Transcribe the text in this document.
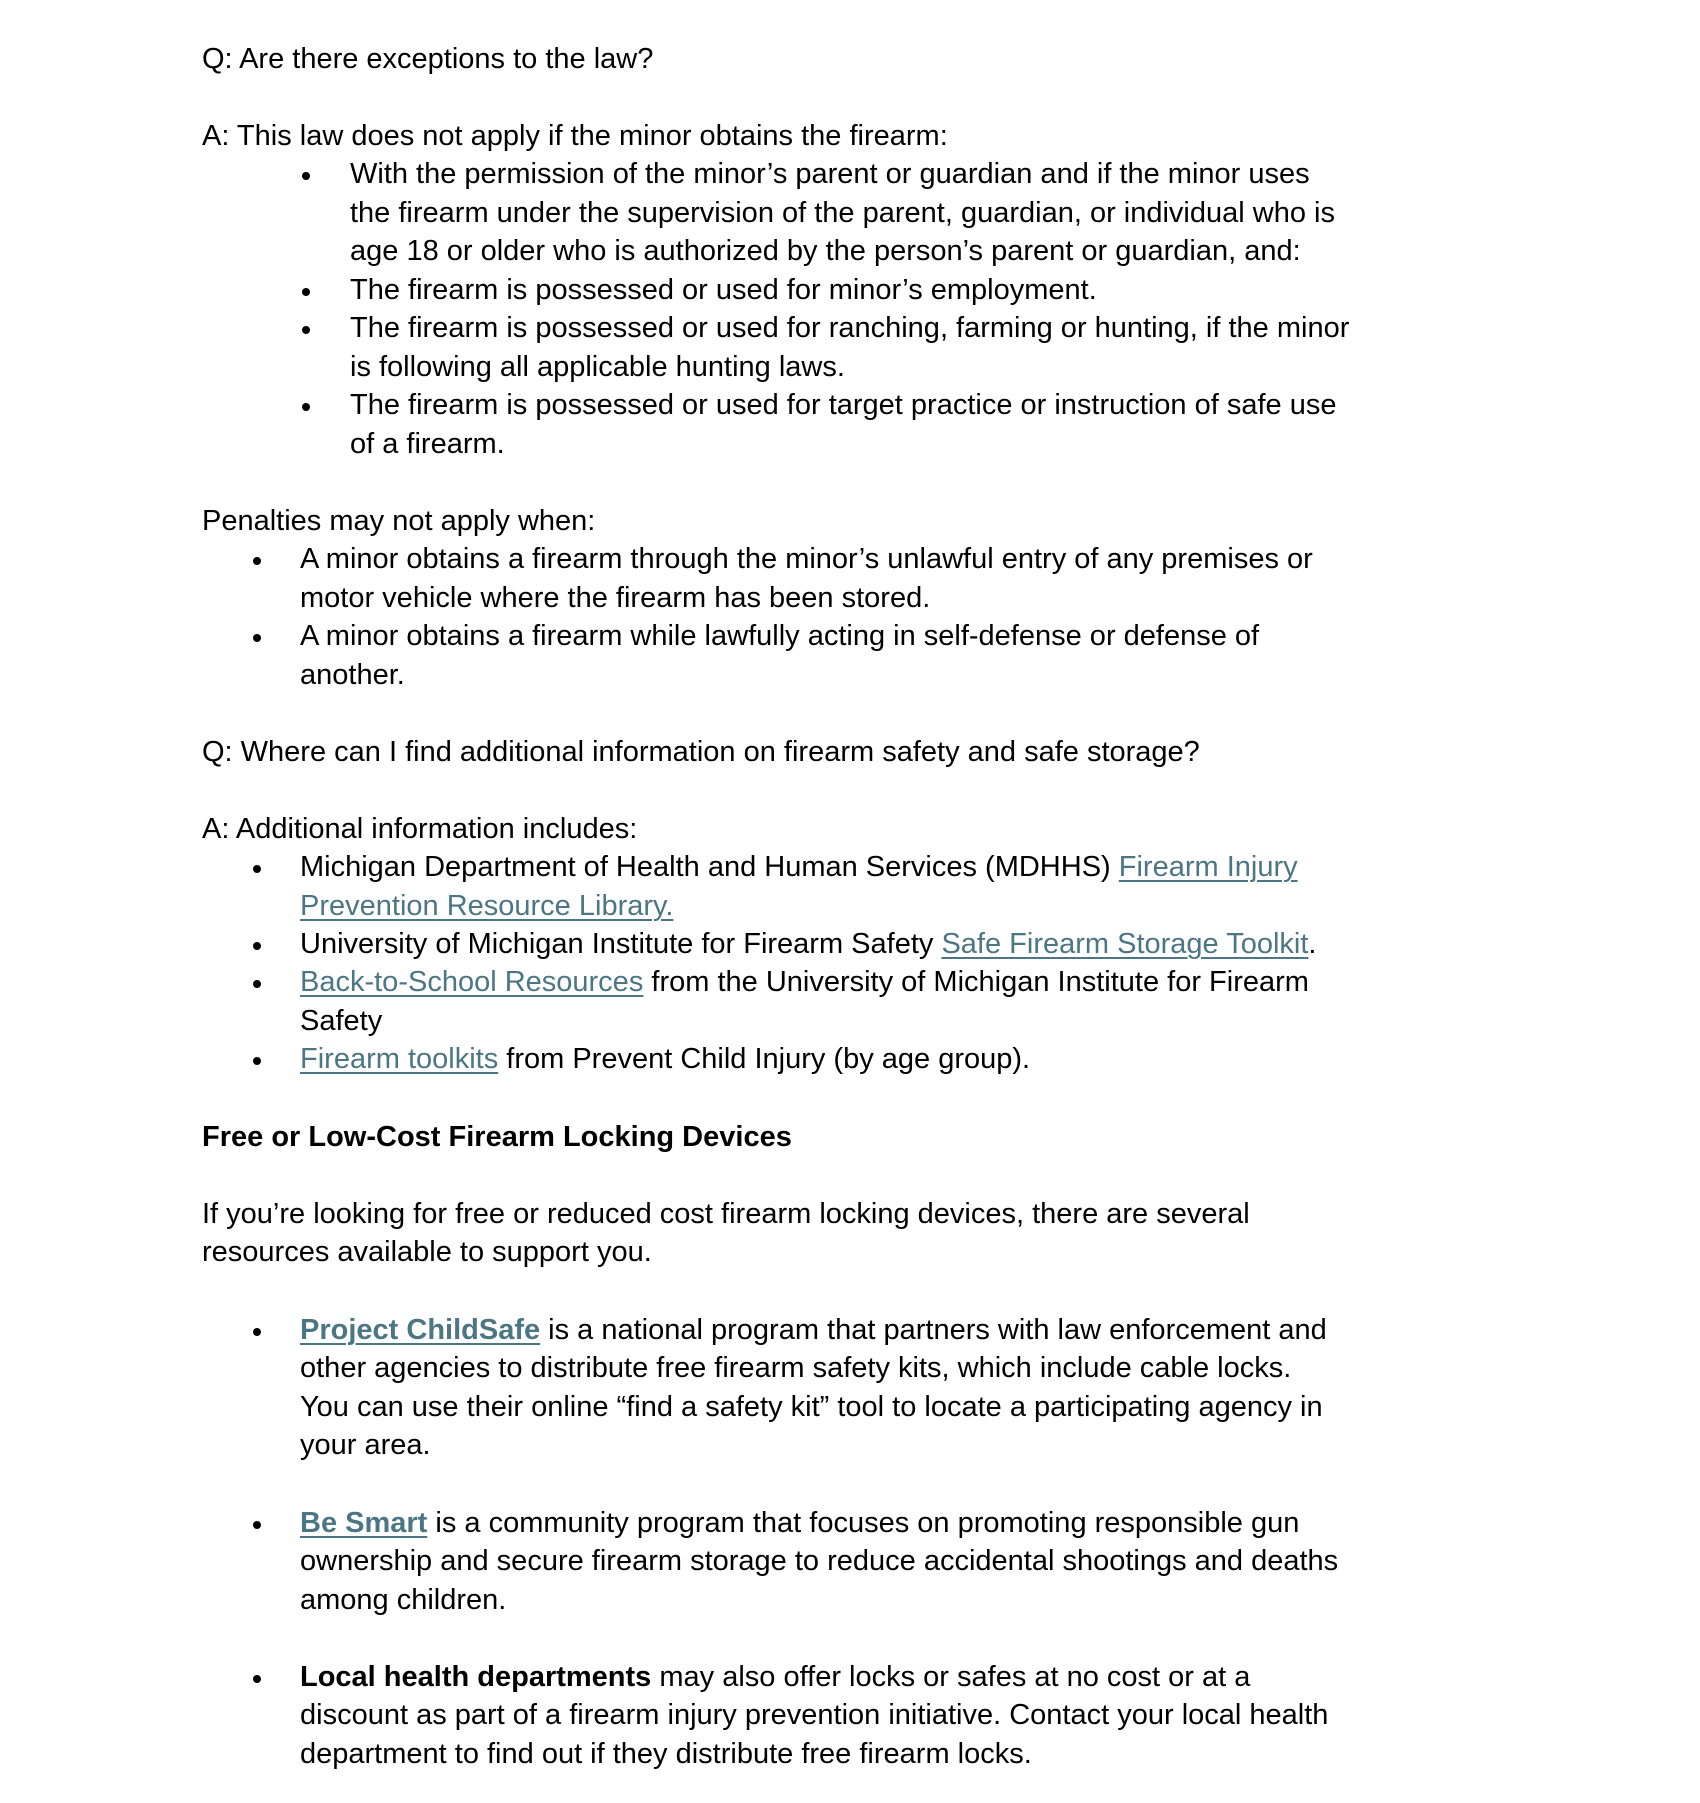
Q: Are there exceptions to the law?
A: This law does not apply if the minor obtains the firearm:
With the permission of the minor’s parent or guardian and if the minor uses
the firearm under the supervision of the parent, guardian, or individual who is
age 18 or older who is authorized by the person’s parent or guardian, and:
The firearm is possessed or used for minor’s employment.
The firearm is possessed or used for ranching, farming or hunting, if the minor
is following all applicable hunting laws.
The firearm is possessed or used for target practice or instruction of safe use
of a firearm.
Penalties may not apply when:
A minor obtains a firearm through the minor’s unlawful entry of any premises or
motor vehicle where the firearm has been stored.
A minor obtains a firearm while lawfully acting in self-defense or defense of
another.
Q: Where can I find additional information on firearm safety and safe storage?
A: Additional information includes:
Michigan Department of Health and Human Services (MDHHS) Firearm Injury
Prevention Resource Library.
University of Michigan Institute for Firearm Safety Safe Firearm Storage Toolkit.
Back-to-School Resources from the University of Michigan Institute for Firearm
Safety
Firearm toolkits from Prevent Child Injury (by age group).
Free or Low-Cost Firearm Locking Devices
If you’re looking for free or reduced cost firearm locking devices, there are several
resources available to support you.
Project ChildSafe is a national program that partners with law enforcement and
other agencies to distribute free firearm safety kits, which include cable locks.
You can use their online “find a safety kit” tool to locate a participating agency in
your area.
Be Smart is a community program that focuses on promoting responsible gun
ownership and secure firearm storage to reduce accidental shootings and deaths
among children.
Local health departments may also offer locks or safes at no cost or at a
discount as part of a firearm injury prevention initiative. Contact your local health
department to find out if they distribute free firearm locks.
